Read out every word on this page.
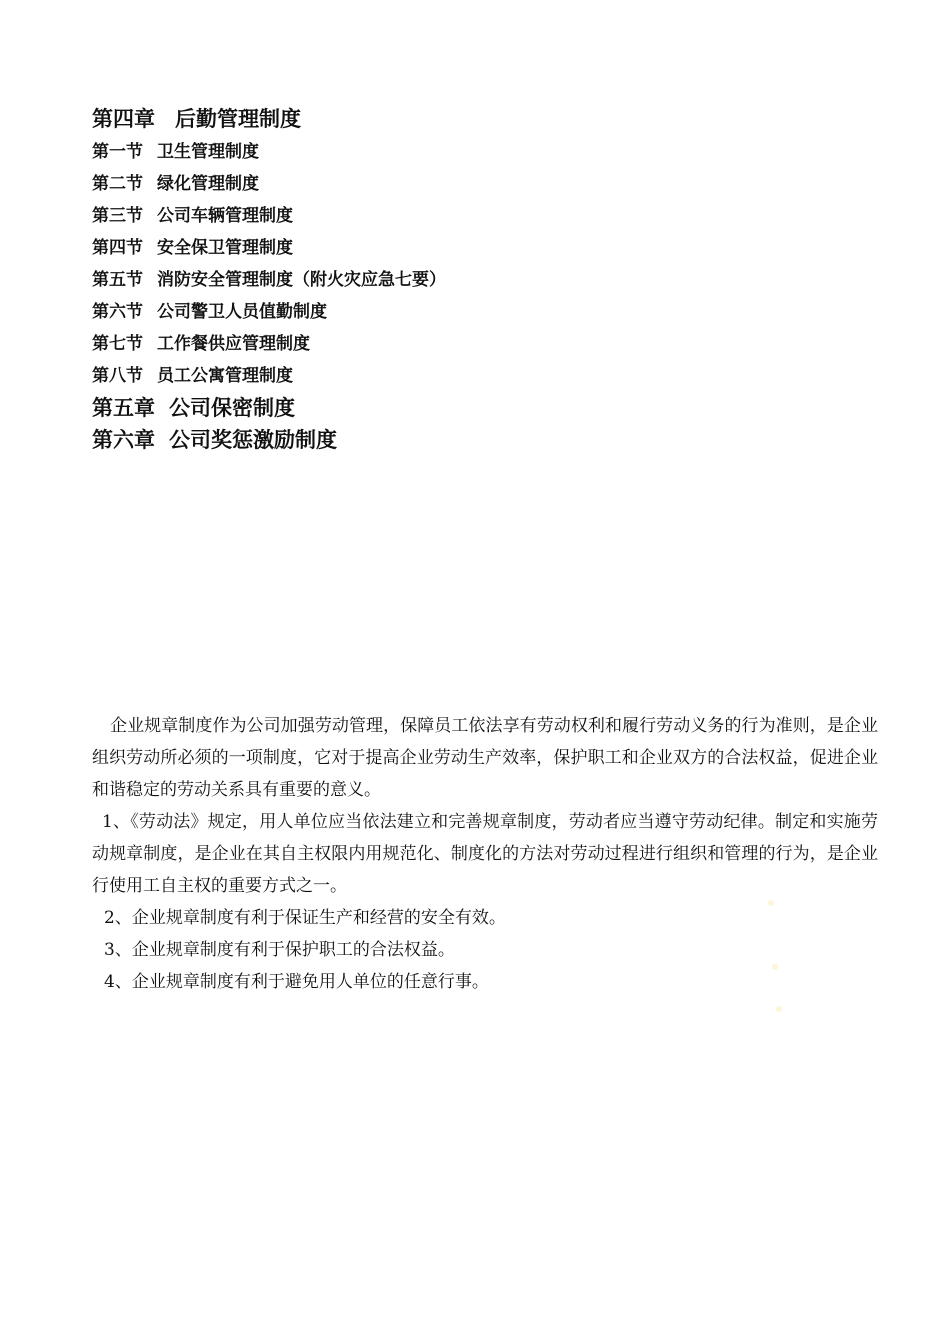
第四章 后勤管理制度
第一节 卫生管理制度
第二节 绿化管理制度
第三节 公司车辆管理制度
第四节 安全保卫管理制度
第五节 消防安全管理制度（附火灾应急七要）
第六节 公司警卫人员值勤制度
第七节 工作餐供应管理制度
第八节 员工公寓管理制度
第五章 公司保密制度
第六章 公司奖惩激励制度

企业规章制度作为公司加强劳动管理，保障员工依法享有劳动权利和履行劳动义务的行为准则，是企业组织劳动所必须的一项制度，它对于提高企业劳动生产效率，保护职工和企业双方的合法权益，促进企业和谐稳定的劳动关系具有重要的意义。

1、《劳动法》规定，用人单位应当依法建立和完善规章制度，劳动者应当遵守劳动纪律。制定和实施劳动规章制度，是企业在其自主权限内用规范化、制度化的方法对劳动过程进行组织和管理的行为，是企业行使用工自主权的重要方式之一。

2、企业规章制度有利于保证生产和经营的安全有效。

3、企业规章制度有利于保护职工的合法权益。

4、企业规章制度有利于避免用人单位的任意行事。
